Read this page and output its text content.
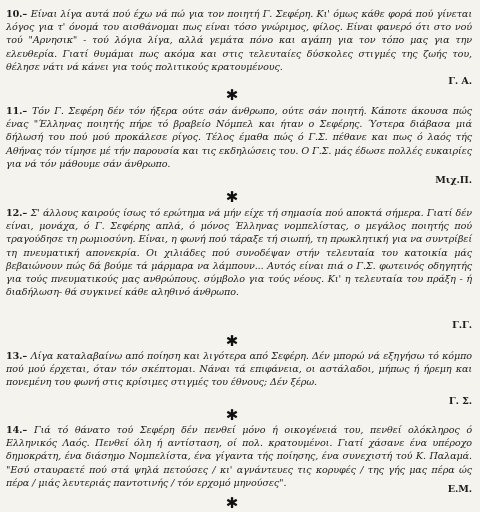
10.– Είναι λίγα αυτά πού έχω νά πώ για τον ποιητή Γ. Σεφέρη. Κι' όμως κάθε φορά πού γίνεται λόγος για τ' όνομά του αισθάνομαι πως είναι τόσο γνώριμος, φίλος. Είναι φανερό ότι στο νού τού "Αρνησικ" - τού λόγια λίγα, αλλά γεμάτα πόνο και αγάπη για τον τόπο μας για την ελευθερία. Γιατί θυμάμαι πως ακόμα και στις τελευταίες δύσκολες στιγμές της ζωής του, θέλησε νάτι νά κάνει για τούς πολιτικούς κρατουμένους.

Γ. Α.
✱

11.– Τόν Γ. Σεφέρη δέν τόν ήξερα ούτε σάν άνθρωπο, ούτε σάν ποιητή. Κάποτε άκουσα πώς ένας "Έλληνας ποιητής πήρε τό βραβείο Νόμπελ και ήταν ο Σεφέρης. Ύστερα διάβασα μιά δήλωσή του πού μού προκάλεσε ρίγος. Τέλος έμαθα πώς ό Γ.Σ. πέθανε και πως ό λαός τής Αθήνας τόν τίμησε μέ τήν παρουσία και τις εκδηλώσεις του. Ο Γ.Σ. μάς έδωσε πολλές ευκαιρίες για νά τόν μάθουμε σάν άνθρωπο.

Μιχ.Π.
✱

12.– Σ' άλλους καιρούς ίσως τό ερώτημα νά μήν είχε τή σημασία πού αποκτά σήμερα. Γιατί δέν είναι, μονάχα, ό Γ. Σεφέρης απλά, ό μόνος Έλληνας νομπελίστας, ο μεγάλος ποιητής πού τραγούδησε τη ρωμιοσύνη. Είναι, η φωνή πού τάραξε τή σιωπή, τη πρωκλητική για να συντρίβεί τη πνευματική απονεκρία. Οι χιλιάδες πού συνοδέψαν στήν τελευταία του κατοικία μάς βεβαιώνουν πώς δά βούμε τά μάρμαρα να λάμπουν... Αυτός είναι πιά ο Γ.Σ. φωτεινός οδηγητής για τούς πνευματικούς μας ανθρώπους. σύμβολο για τούς νέους. Κι' η τελευταία του πράξη - ή διαδήλωση- θά συγκινεί κάθε αληθινό άνθρωπο.

Γ.Γ.
✱

13.– Λίγα καταλαβαίνω από ποίηση και λιγότερα από Σεφέρη. Δέν μπορώ νά εξηγήσω τό κόμπο πού μού έρχεται, όταν τόν σκέπτομαι. Νάναι τά επιφάνεια, οι αστάλαδοι, μήπως ή ήρεμη και πονεμένη του φωνή στις κρίσιμες στιγμές του έθνους; Δέν ξέρω.

Γ. Σ.
✱

14.– Γιά τό θάνατο τού Σεφέρη δέν πενθεί μόνο ή οικογένειά του, πενθεί ολόκληρος ό Ελληνικός Λαός. Πενθεί όλη ή αντίσταση, οί πολ. κρατουμένοι. Γιατί χάσανε ένα υπέροχο δημοκράτη, ένα διάσημο Νομπελίστα, ένα γίγαντα τής ποίησης, ένα συνεχιστή τού Κ. Παλαμά. "Εσύ σταυραετέ πού στά ψηλά πετούσες / κι' αγνάντευες τις κορυφές / της γής μας πέρα ώς πέρα / μιάς λευτεριάς παντοτινής / τόν ερχομό μηνούσες".

Ε.Μ.
✱
